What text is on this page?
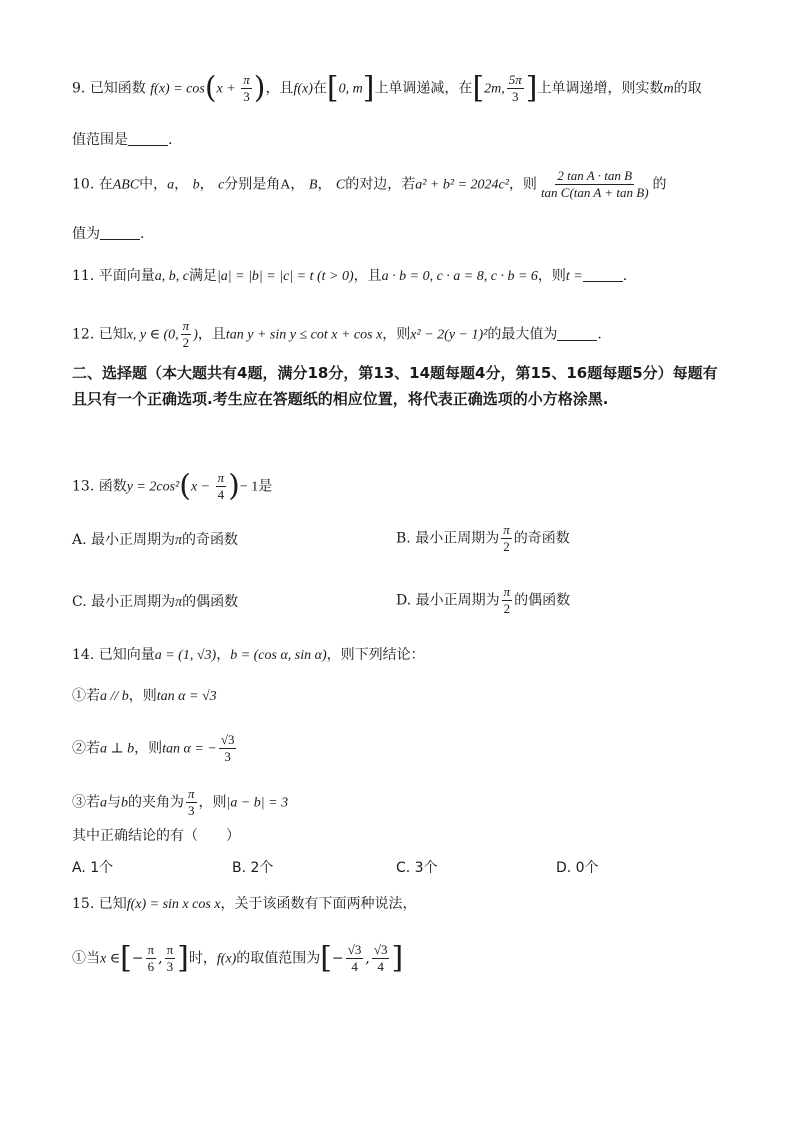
9. 已知函数 $f(x) = \cos(x + \frac{\pi}{3}$ )，且f(x)在[0, m]上单调递减，在[2m, $\frac{5\pi}{3}$ ]上单调递增，则实数m的取
值范围是	.
10. 在ABC中，a， b， c分别是角A， B， C的对边，若a² + b² = 2024c²，则 $\frac{\text{2 tan A · tan B}}{\text{tan C(tan A + tan B)}}$ 的
值为	.
11. 平面向量a, b, c满足|a| = |b| = |c| = t (t > 0)，且a · b = 0, c · a = 8, c · b = 6，则t =	.
12. 已知x, y ∈ (0, $\frac{\pi}{2}$ )，且tan y + sin y ≤ cot x + cos x，则x² − 2(y − 1)²的最大值为	.
二、选择题（本大题共有4题，满分18分，第13、14题每题4分，第15、16题每题5分）每题有且只有一个正确选项.考生应在答题纸的相应位置，将代表正确选项的小方格涂黑.
13. 函数$y = 2\cos^2(x - \frac{\pi}{4}$ )− 1是
A. 最小正周期为π的奇函数	B. 最小正周期为 $\frac{\pi}{2}$ 的奇函数
C. 最小正周期为π的偶函数	D. 最小正周期为 $\frac{\pi}{2}$ 的偶函数
14. 已知向量a = (1, √3)，b = (cos α, sin α)，则下列结论：
①若a // b，则tan α = √3
②若a ⊥ b，则tan α = − $\frac{√3}{3}$
③若a与b的夹角为 $\frac{\pi}{3}$ ，则|a − b| = 3
其中正确结论的有（　　）
A. 1个	B. 2个	C. 3个	D. 0个
15. 已知f(x) = sin x cos x，关于该函数有下面两种说法，
①当x ∈[− $\frac{\pi}{6}$ , $\frac{\pi}{3}$ ]时，f(x)的取值范围为[− $\frac{√3}{4}$ , $\frac{√3}{4}$ ]
